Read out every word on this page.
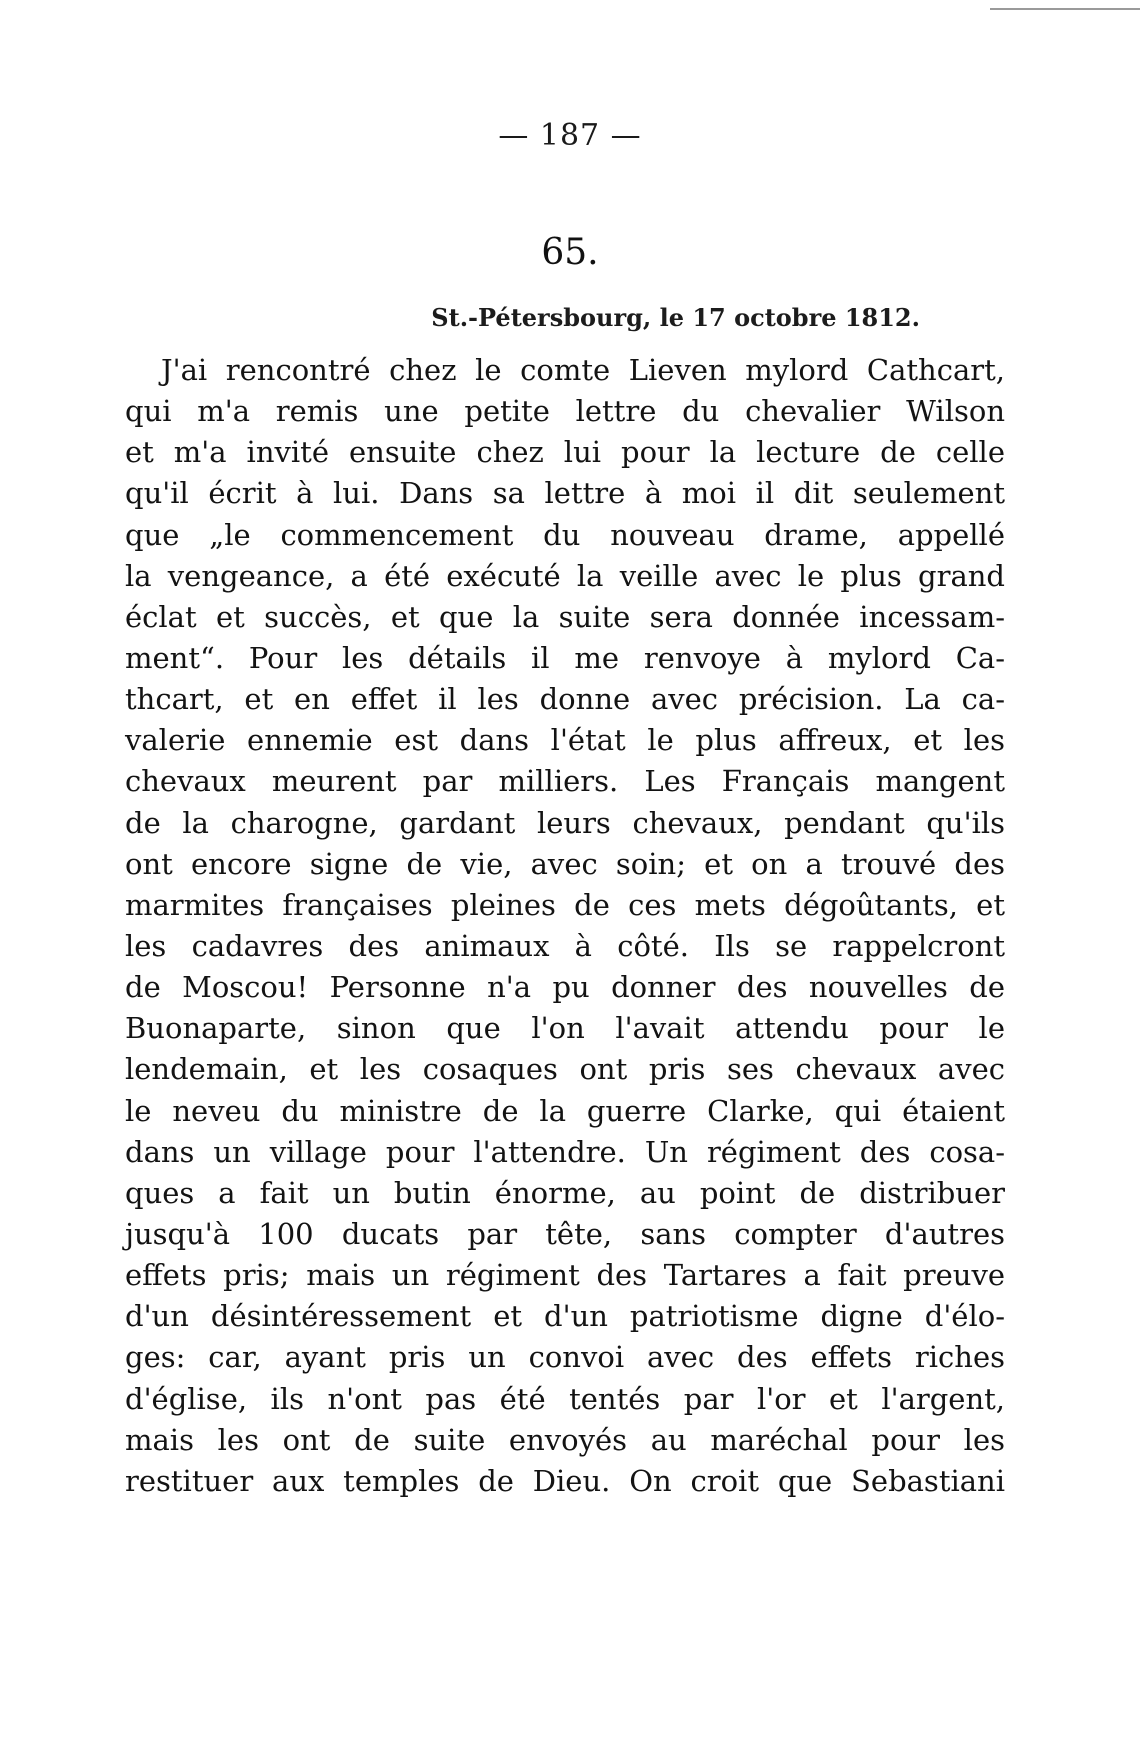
— 187 —
65.
St.-Pétersbourg, le 17 octobre 1812.
J'ai rencontré chez le comte Lieven mylord Cathcart,
qui m'a remis une petite lettre du chevalier Wilson
et m'a invité ensuite chez lui pour la lecture de celle
qu'il écrit à lui. Dans sa lettre à moi il dit seulement
que „le commencement du nouveau drame, appellé
la vengeance, a été exécuté la veille avec le plus grand
éclat et succès, et que la suite sera donnée incessam-
ment“. Pour les détails il me renvoye à mylord Ca-
thcart, et en effet il les donne avec précision. La ca-
valerie ennemie est dans l'état le plus affreux, et les
chevaux meurent par milliers. Les Français mangent
de la charogne, gardant leurs chevaux, pendant qu'ils
ont encore signe de vie, avec soin; et on a trouvé des
marmites françaises pleines de ces mets dégoûtants, et
les cadavres des animaux à côté. Ils se rappelcront
de Moscou! Personne n'a pu donner des nouvelles de
Buonaparte, sinon que l'on l'avait attendu pour le
lendemain, et les cosaques ont pris ses chevaux avec
le neveu du ministre de la guerre Clarke, qui étaient
dans un village pour l'attendre. Un régiment des cosa-
ques a fait un butin énorme, au point de distribuer
jusqu'à 100 ducats par tête, sans compter d'autres
effets pris; mais un régiment des Tartares a fait preuve
d'un désintéressement et d'un patriotisme digne d'élo-
ges: car, ayant pris un convoi avec des effets riches
d'église, ils n'ont pas été tentés par l'or et l'argent,
mais les ont de suite envoyés au maréchal pour les
restituer aux temples de Dieu. On croit que Sebastiani
